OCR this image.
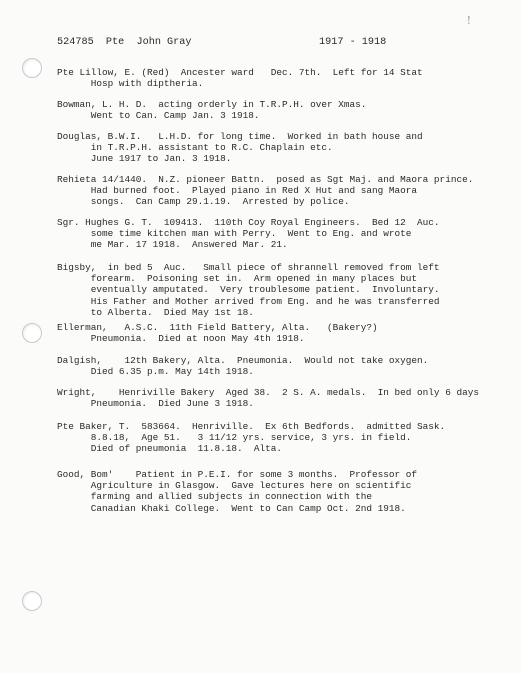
!
524785  Pte  John Gray	1917 - 1918
Pte Lillow, E. (Red)  Ancester ward   Dec. 7th.  Left for 14 Stat
Hosp with diptheria.
Bowman, L. H. D.  acting orderly in T.R.P.H. over Xmas.
Went to Can. Camp Jan. 3 1918.
Douglas, B.W.I.   L.H.D. for long time.  Worked in bath house and
in T.R.P.H. assistant to R.C. Chaplain etc.
June 1917 to Jan. 3 1918.
Rehieta 14/1440.  N.Z. pioneer Battn.  posed as Sgt Maj. and Maora prince.
Had burned foot.  Played piano in Red X Hut and sang Maora
songs.  Can Camp 29.1.19.  Arrested by police.
Sgr. Hughes G. T.  109413.  110th Coy Royal Engineers.  Bed 12  Auc.
some time kitchen man with Perry.  Went to Eng. and wrote
me Mar. 17 1918.  Answered Mar. 21.
Bigsby,  in bed 5  Auc.   Small piece of shrannell removed from left
forearm.  Poisoning set in.  Arm opened in many places but
eventually amputated.  Very troublesome patient.  Involuntary.
His Father and Mother arrived from Eng. and he was transferred
to Alberta.  Died May 1st 18.
Ellerman,   A.S.C.  11th Field Battery, Alta.   (Bakery?)
Pneumonia.  Died at noon May 4th 1918.
Dalgish,    12th Bakery, Alta.  Pneumonia.  Would not take oxygen.
Died 6.35 p.m. May 14th 1918.
Wright,    Henriville Bakery  Aged 38.  2 S. A. medals.  In bed only 6 days
Pneumonia.  Died June 3 1918.
Pte Baker, T.  583664.  Henriville.  Ex 6th Bedfords.  admitted Sask.
8.8.18,  Age 51.   3 11/12 yrs. service, 3 yrs. in field.
Died of pneumonia  11.8.18.  Alta.
Good, Bom'    Patient in P.E.I. for some 3 months.  Professor of
Agriculture in Glasgow.  Gave lectures here on scientific
farming and allied subjects in connection with the
Canadian Khaki College.  Went to Can Camp Oct. 2nd 1918.
